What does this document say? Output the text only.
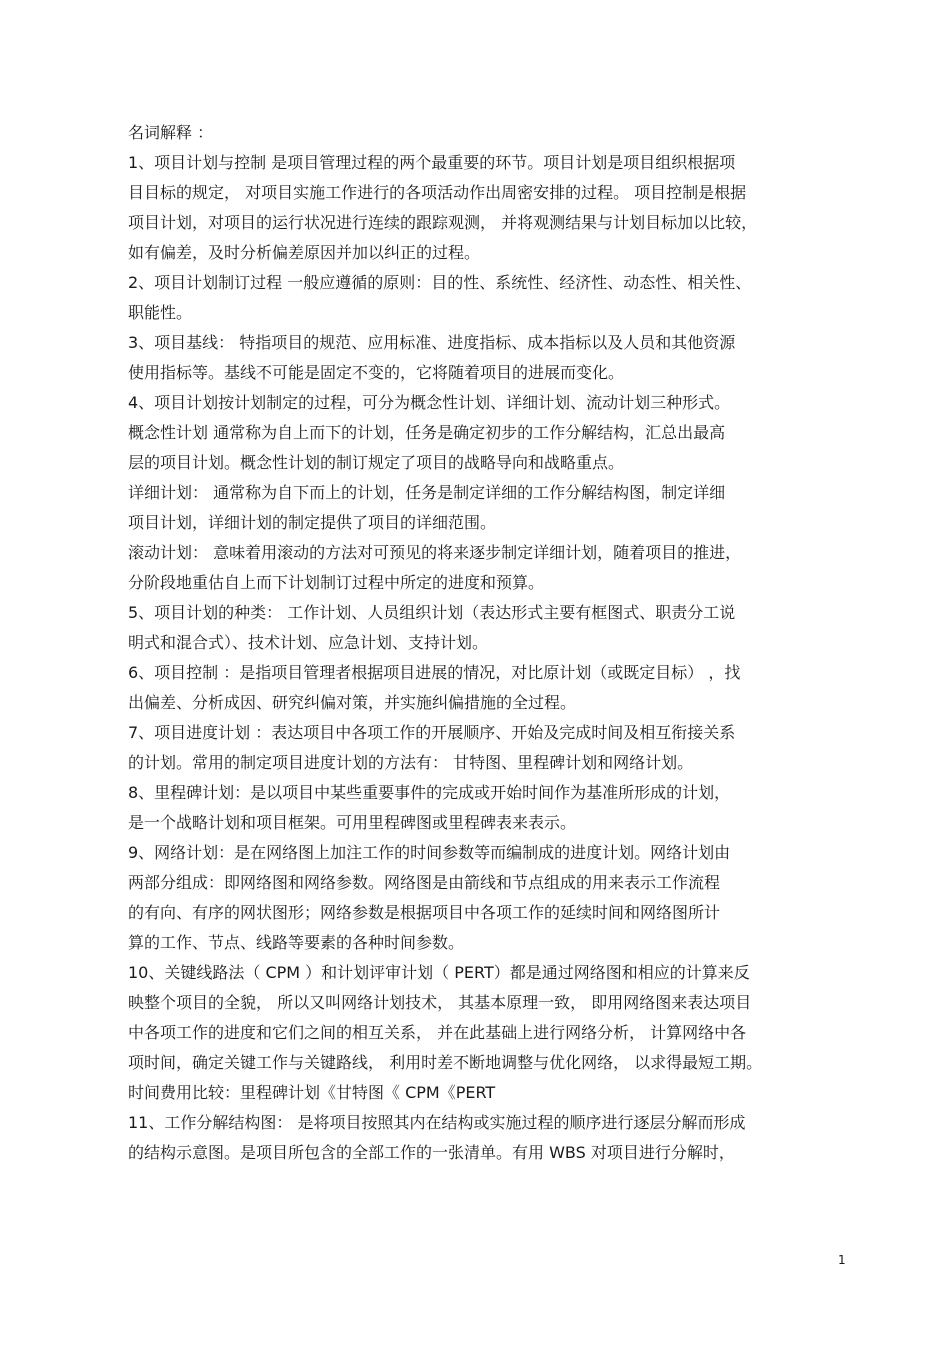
名词解释 ：
1、项目计划与控制 是项目管理过程的两个最重要的环节。项目计划是项目组织根据项
目目标的规定， 对项目实施工作进行的各项活动作出周密安排的过程。 项目控制是根据
项目计划，对项目的运行状况进行连续的跟踪观测， 并将观测结果与计划目标加以比较，
如有偏差，及时分析偏差原因并加以纠正的过程。
2、项目计划制订过程 一般应遵循的原则：目的性、系统性、经济性、动态性、相关性、
职能性。
3、项目基线： 特指项目的规范、应用标准、进度指标、成本指标以及人员和其他资源
使用指标等。基线不可能是固定不变的，它将随着项目的进展而变化。
4、项目计划按计划制定的过程，可分为概念性计划、详细计划、流动计划三种形式。
概念性计划 通常称为自上而下的计划，任务是确定初步的工作分解结构，汇总出最高
层的项目计划。概念性计划的制订规定了项目的战略导向和战略重点。
详细计划： 通常称为自下而上的计划，任务是制定详细的工作分解结构图，制定详细
项目计划，详细计划的制定提供了项目的详细范围。
滚动计划： 意味着用滚动的方法对可预见的将来逐步制定详细计划，随着项目的推进，
分阶段地重估自上而下计划制订过程中所定的进度和预算。
5、项目计划的种类： 工作计划、人员组织计划（表达形式主要有框图式、职责分工说
明式和混合式）、技术计划、应急计划、支持计划。
6、项目控制 ：是指项目管理者根据项目进展的情况，对比原计划（或既定目标） ，找
出偏差、分析成因、研究纠偏对策，并实施纠偏措施的全过程。
7、项目进度计划 ：表达项目中各项工作的开展顺序、开始及完成时间及相互衔接关系
的计划。常用的制定项目进度计划的方法有： 甘特图、里程碑计划和网络计划。
8、里程碑计划：是以项目中某些重要事件的完成或开始时间作为基准所形成的计划，
是一个战略计划和项目框架。可用里程碑图或里程碑表来表示。
9、网络计划：是在网络图上加注工作的时间参数等而编制成的进度计划。网络计划由
两部分组成：即网络图和网络参数。网络图是由箭线和节点组成的用来表示工作流程
的有向、有序的网状图形；网络参数是根据项目中各项工作的延续时间和网络图所计
算的工作、节点、线路等要素的各种时间参数。
10、关键线路法（ CPM ）和计划评审计划（ PERT）都是通过网络图和相应的计算来反
映整个项目的全貌， 所以又叫网络计划技术， 其基本原理一致， 即用网络图来表达项目
中各项工作的进度和它们之间的相互关系， 并在此基础上进行网络分析， 计算网络中各
项时间，确定关键工作与关键路线， 利用时差不断地调整与优化网络， 以求得最短工期。
时间费用比较：里程碑计划《甘特图《 CPM《PERT
11、工作分解结构图： 是将项目按照其内在结构或实施过程的顺序进行逐层分解而形成
的结构示意图。是项目所包含的全部工作的一张清单。有用 WBS 对项目进行分解时，
1
